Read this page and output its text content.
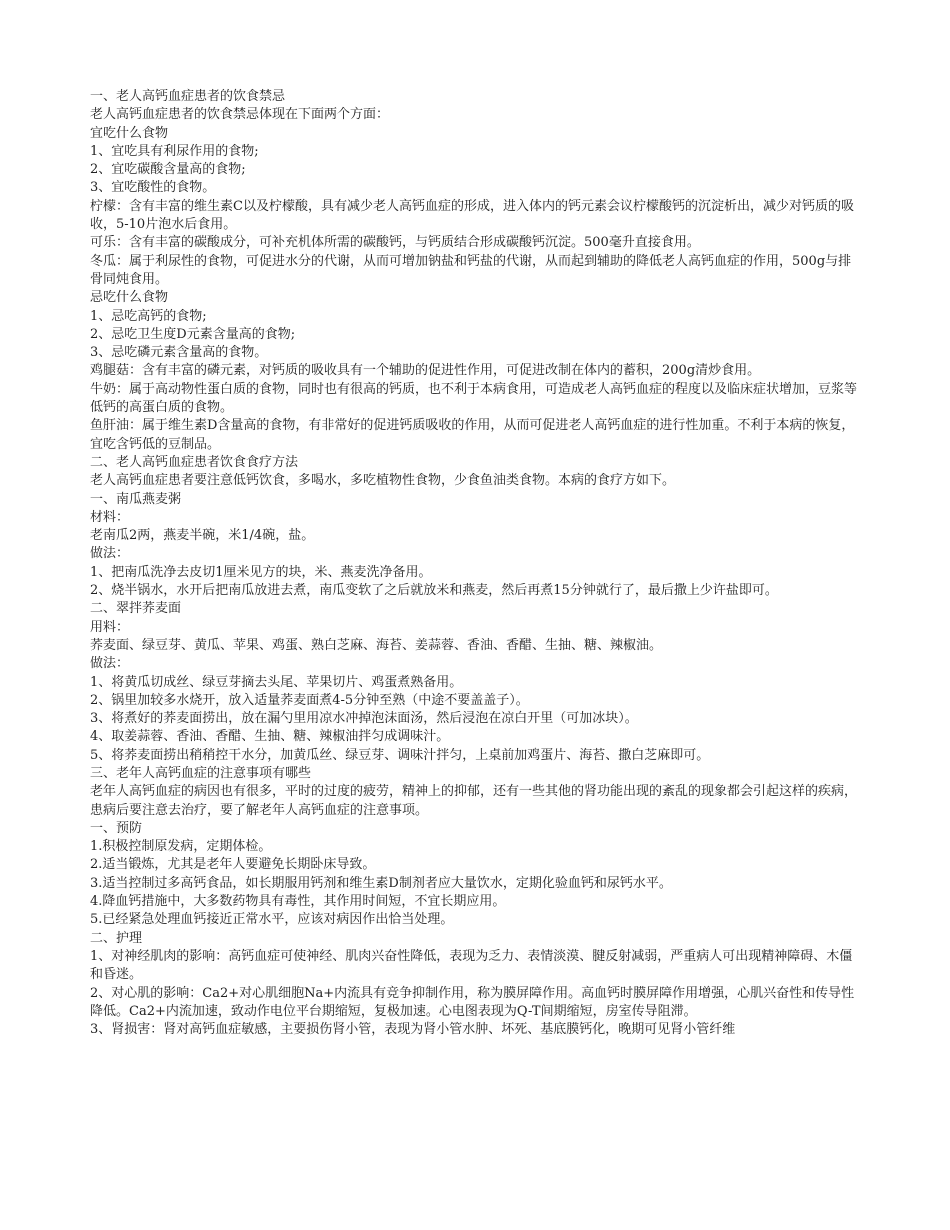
一、老人高钙血症患者的饮食禁忌

老人高钙血症患者的饮食禁忌体现在下面两个方面：

宜吃什么食物

1、宜吃具有利尿作用的食物;

2、宜吃碳酸含量高的食物;

3、宜吃酸性的食物。

柠檬：含有丰富的维生素C以及柠檬酸，具有减少老人高钙血症的形成，进入体内的钙元素会议柠檬酸钙的沉淀析出，减少对钙质的吸收，5-10片泡水后食用。

可乐：含有丰富的碳酸成分，可补充机体所需的碳酸钙，与钙质结合形成碳酸钙沉淀。500毫升直接食用。

冬瓜：属于利尿性的食物，可促进水分的代谢，从而可增加钠盐和钙盐的代谢，从而起到辅助的降低老人高钙血症的作用，500g与排骨同炖食用。

忌吃什么食物

1、忌吃高钙的食物;

2、忌吃卫生度D元素含量高的食物;

3、忌吃磷元素含量高的食物。

鸡腿菇：含有丰富的磷元素，对钙质的吸收具有一个辅助的促进性作用，可促进改制在体内的蓄积，200g清炒食用。

牛奶：属于高动物性蛋白质的食物，同时也有很高的钙质，也不利于本病食用，可造成老人高钙血症的程度以及临床症状增加，豆浆等低钙的高蛋白质的食物。

鱼肝油：属于维生素D含量高的食物，有非常好的促进钙质吸收的作用，从而可促进老人高钙血症的进行性加重。不利于本病的恢复，宜吃含钙低的豆制品。

二、老人高钙血症患者饮食食疗方法

老人高钙血症患者要注意低钙饮食，多喝水，多吃植物性食物，少食鱼油类食物。本病的食疗方如下。

一、南瓜燕麦粥

材料：

老南瓜2两，燕麦半碗，米1/4碗，盐。

做法：

1、把南瓜洗净去皮切1厘米见方的块，米、燕麦洗净备用。

2、烧半锅水，水开后把南瓜放进去煮，南瓜变软了之后就放米和燕麦，然后再煮15分钟就行了，最后撒上少许盐即可。

二、翠拌荞麦面

用料：

荞麦面、绿豆芽、黄瓜、苹果、鸡蛋、熟白芝麻、海苔、姜蒜蓉、香油、香醋、生抽、糖、辣椒油。

做法：

1、将黄瓜切成丝、绿豆芽摘去头尾、苹果切片、鸡蛋煮熟备用。

2、锅里加较多水烧开，放入适量荞麦面煮4-5分钟至熟（中途不要盖盖子）。

3、将煮好的荞麦面捞出，放在漏勺里用凉水冲掉泡沫面汤，然后浸泡在凉白开里（可加冰块）。

4、取姜蒜蓉、香油、香醋、生抽、糖、辣椒油拌匀成调味汁。

5、将荞麦面捞出稍稍控干水分，加黄瓜丝、绿豆芽、调味汁拌匀，上桌前加鸡蛋片、海苔、撒白芝麻即可。

三、老年人高钙血症的注意事项有哪些

老年人高钙血症的病因也有很多，平时的过度的疲劳，精神上的抑郁，还有一些其他的肾功能出现的紊乱的现象都会引起这样的疾病，患病后要注意去治疗，要了解老年人高钙血症的注意事项。

一、预防

1.积极控制原发病，定期体检。

2.适当锻炼，尤其是老年人要避免长期卧床导致。

3.适当控制过多高钙食品，如长期服用钙剂和维生素D制剂者应大量饮水，定期化验血钙和尿钙水平。

4.降血钙措施中，大多数药物具有毒性，其作用时间短，不宜长期应用。

5.已经紧急处理血钙接近正常水平，应该对病因作出恰当处理。

二、护理

1、对神经肌肉的影响：高钙血症可使神经、肌肉兴奋性降低，表现为乏力、表情淡漠、腱反射减弱，严重病人可出现精神障碍、木僵和昏迷。

2、对心肌的影响：Ca2+对心肌细胞Na+内流具有竞争抑制作用，称为膜屏障作用。高血钙时膜屏障作用增强，心肌兴奋性和传导性降低。Ca2+内流加速，致动作电位平台期缩短，复极加速。心电图表现为Q-T间期缩短，房室传导阻滞。

3、肾损害：肾对高钙血症敏感，主要损伤肾小管，表现为肾小管水肿、坏死、基底膜钙化，晚期可见肾小管纤维
